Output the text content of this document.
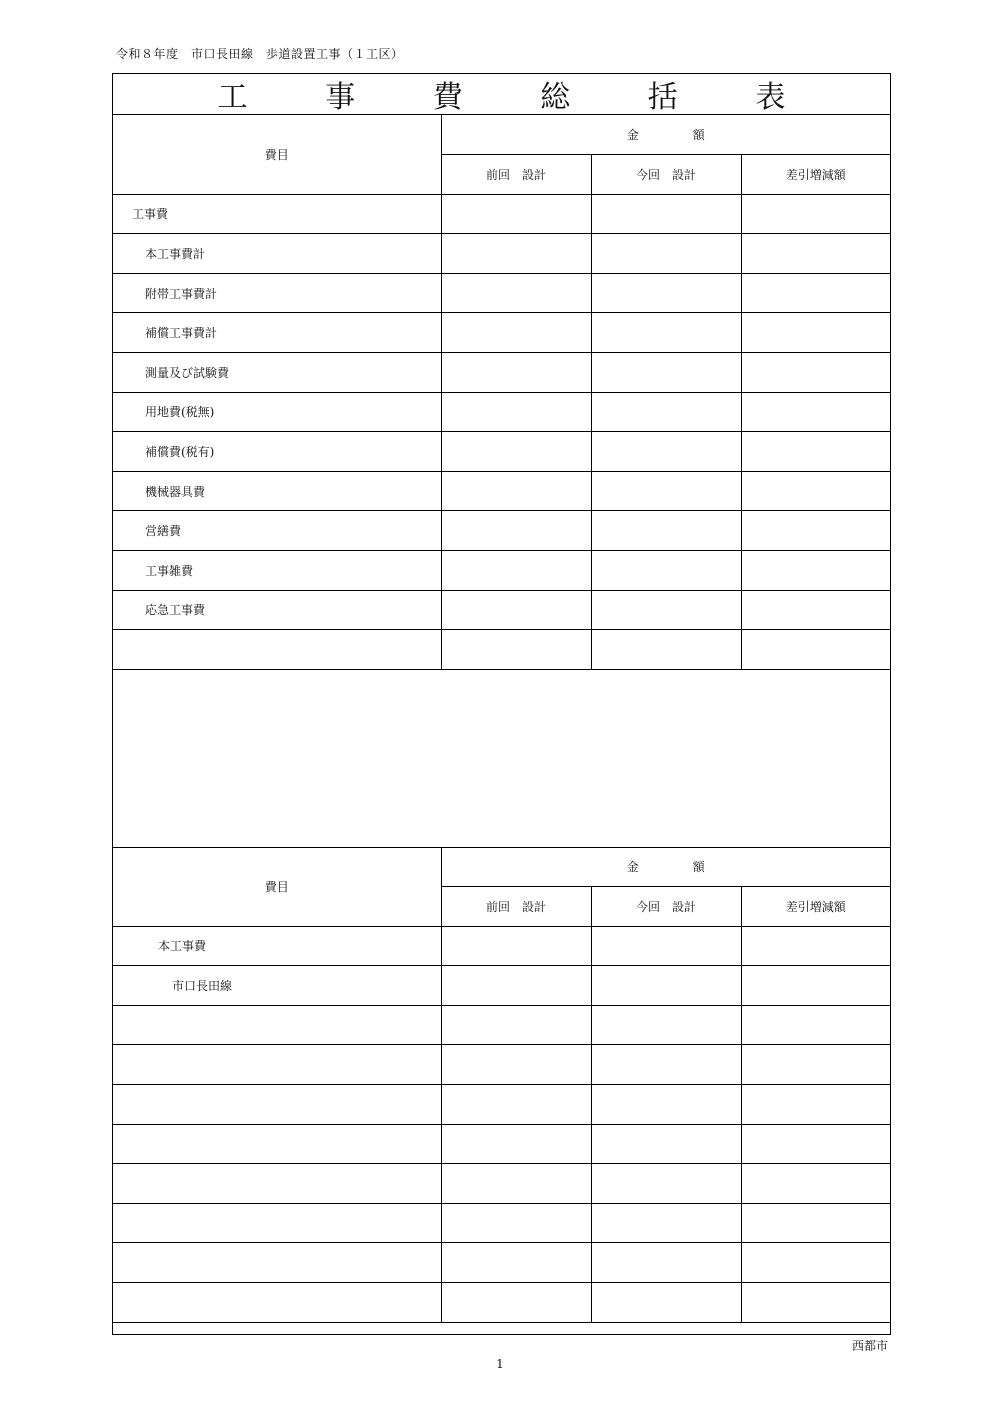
令和８年度　市口長田線　歩道設置工事（１工区）
工 事 費 総 括 表
費目	金額		
	前回　設計	今回　設計	差引増減額
工事費			
本工事費計			
附帯工事費計			
補償工事費計			
測量及び試験費			
用地費(税無)			
補償費(税有)			
機械器具費			
営繕費			
工事雑費			
応急工事費			

費目	金額		
	前回　設計	今回　設計	差引増減額
本工事費			
市口長田線			

西都市
1
